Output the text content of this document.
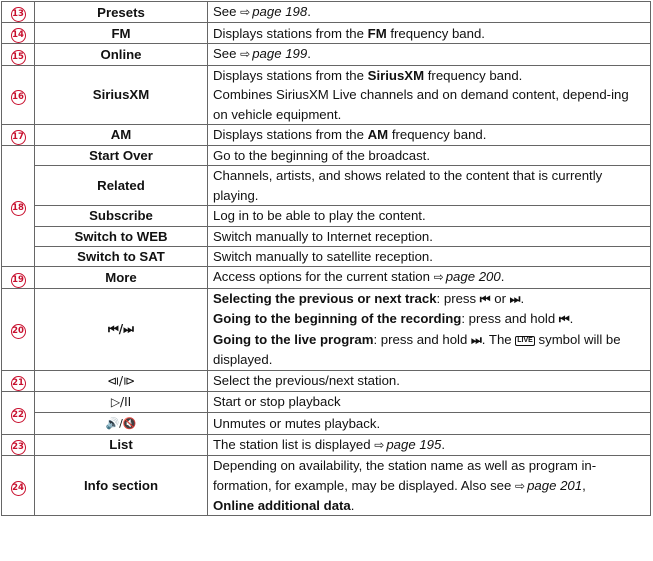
13	Presets	See ⇨ page 198.
14	FM	Displays stations from the FM frequency band.
15	Online	See ⇨ page 199.
16	SiriusXM	Displays stations from the SiriusXM frequency band.
Combines SiriusXM Live channels and on demand content, depend-ing on vehicle equipment.
17	AM	Displays stations from the AM frequency band.
18	Start Over	Go to the beginning of the broadcast.
	Related	Channels, artists, and shows related to the content that is currently playing.
	Subscribe	Log in to be able to play the content.
	Switch to WEB	Switch manually to Internet reception.
	Switch to SAT	Switch manually to satellite reception.
19	More	Access options for the current station ⇨ page 200.
20	⏮/⏭	Selecting the previous or next track: press ⏮ or ⏭.
Going to the beginning of the recording: press and hold ⏮.
Going to the live program: press and hold ⏭. The LIVE symbol will be displayed.
21	⧏/⧐	Select the previous/next station.
22	▷/II	Start or stop playback
	🔊/🔇	Unmutes or mutes playback.
23	List	The station list is displayed ⇨ page 195.
24	Info section	Depending on availability, the station name as well as program in-formation, for example, may be displayed. Also see ⇨ page 201,
Online additional data.
